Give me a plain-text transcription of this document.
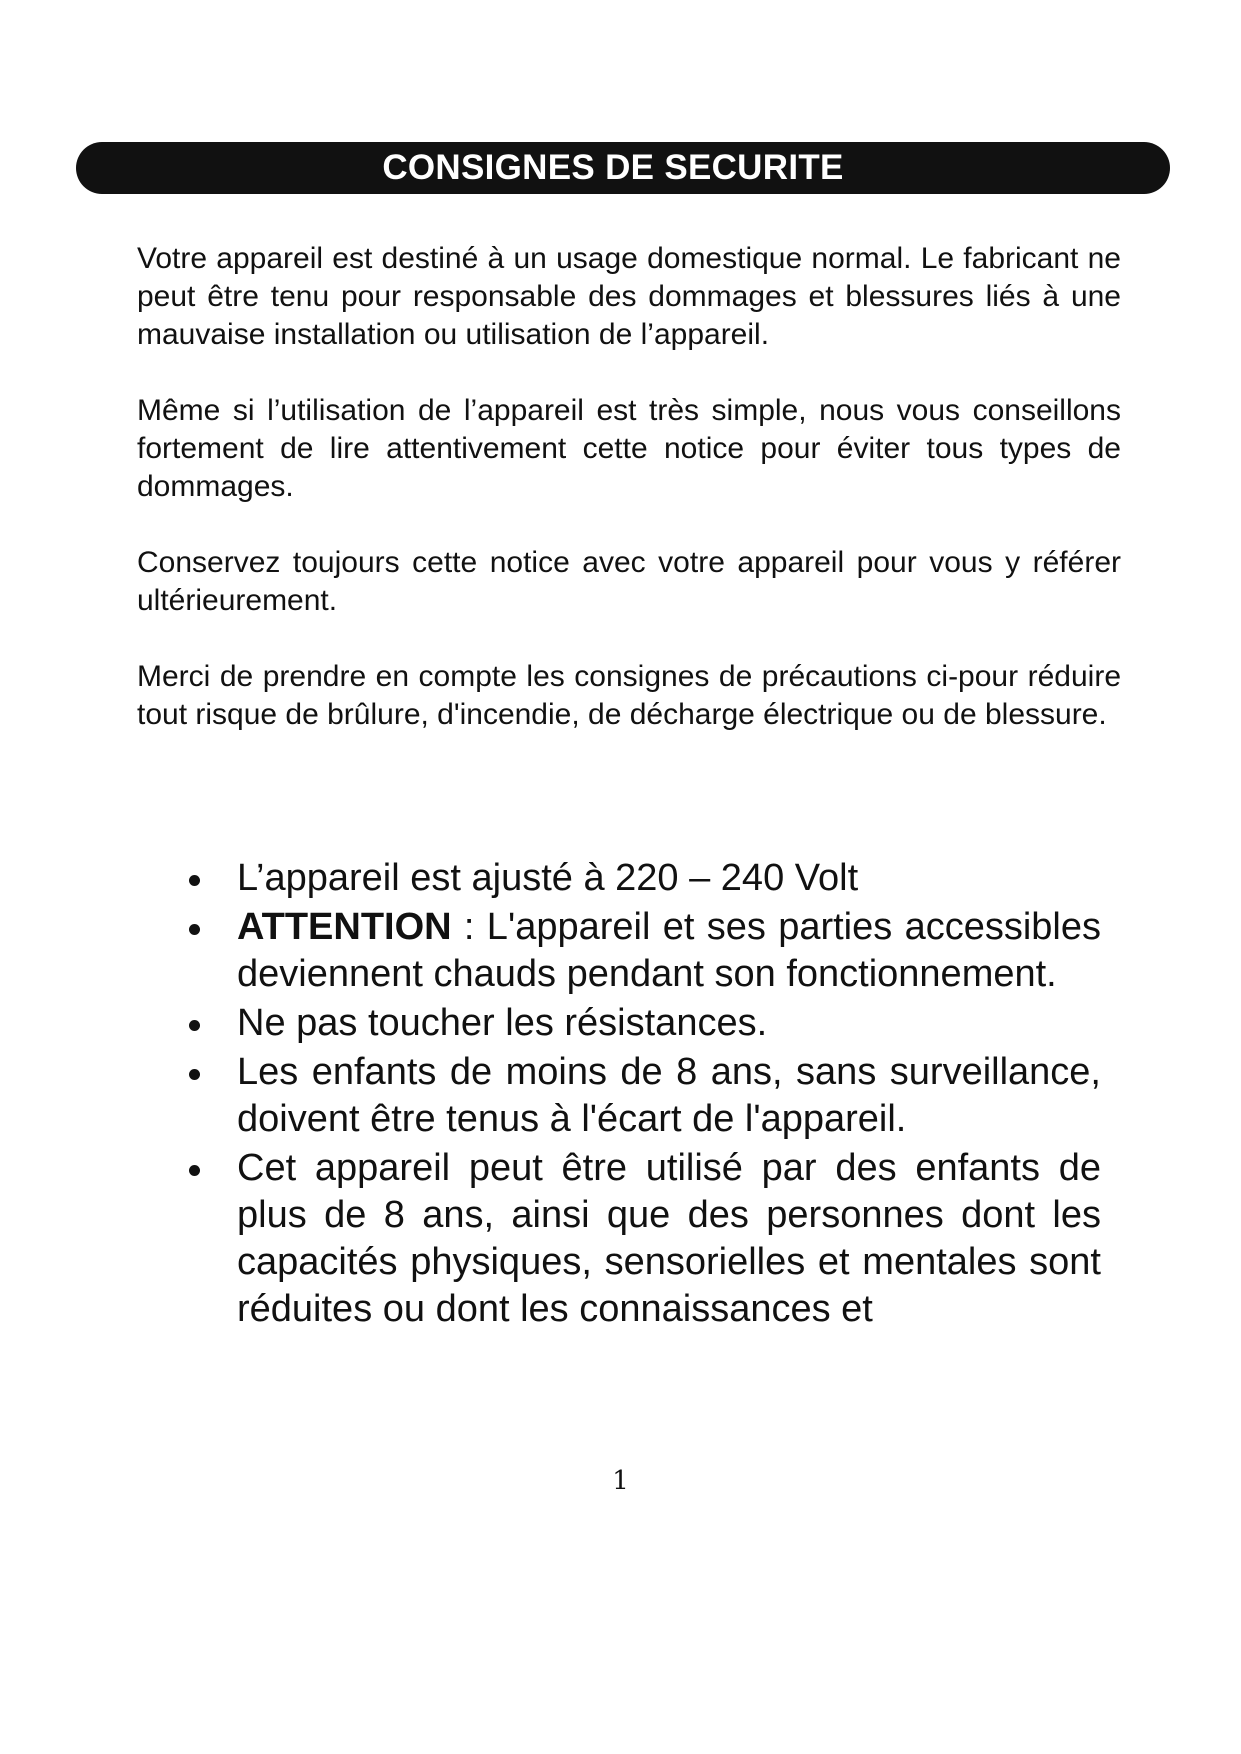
CONSIGNES DE SECURITE

Votre appareil est destiné à un usage domestique normal. Le fabricant ne peut être tenu pour responsable des dommages et blessures liés à une mauvaise installation ou utilisation de l’appareil.

Même si l’utilisation de l’appareil est très simple, nous vous conseillons fortement de lire attentivement cette notice pour éviter tous types de dommages.

Conservez toujours cette notice avec votre appareil pour vous y référer ultérieurement.

Merci de prendre en compte les consignes de précautions ci-pour réduire tout risque de brûlure, d'incendie, de décharge électrique ou de blessure.

L’appareil est ajusté à 220 – 240 Volt
ATTENTION : L'appareil et ses parties accessibles deviennent chauds pendant son fonctionnement.
Ne pas toucher les résistances.
Les enfants de moins de 8 ans, sans surveillance, doivent être tenus à l'écart de l'appareil.
Cet appareil peut être utilisé par des enfants de plus de 8 ans, ainsi que des personnes dont les capacités physiques, sensorielles et mentales sont réduites ou dont les connaissances et
1
